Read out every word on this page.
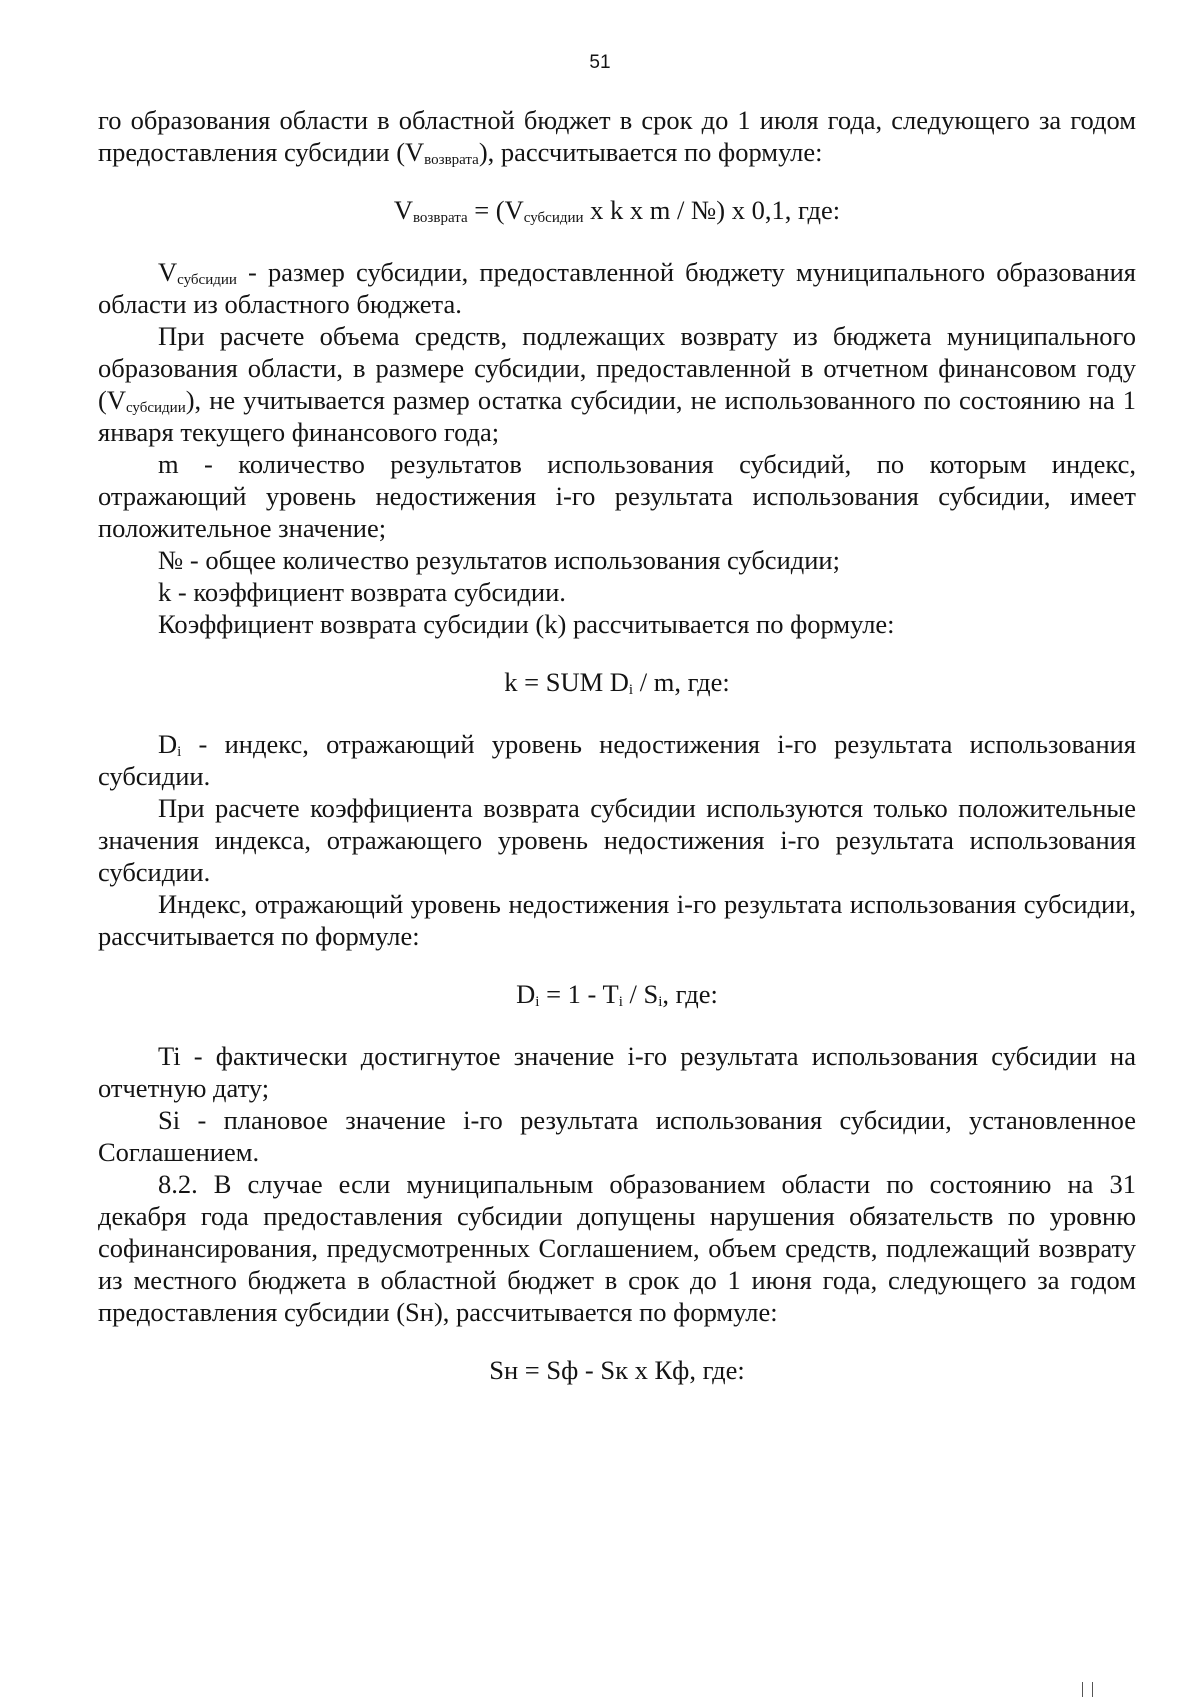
51

го образования области в областной бюджет в срок до 1 июля года, следующего за годом предоставления субсидии $(V_{возврата})$, рассчитывается по формуле:

$V_{возврата} = (V_{субсидии}$ x k x m / №) x 0,1, где:

$V_{субсидии}$ - размер субсидии, предоставленной бюджету муниципального образования области из областного бюджета.

При расчете объема средств, подлежащих возврату из бюджета муниципального образования области, в размере субсидии, предоставленной в отчетном финансовом году $(V_{субсидии})$, не учитывается размер остатка субсидии, не использованного по состоянию на 1 января текущего финансового года;

m - количество результатов использования субсидий, по которым индекс, отражающий уровень недостижения i-го результата использования субсидии, имеет положительное значение;

№ - общее количество результатов использования субсидии;

k - коэффициент возврата субсидии.

Коэффициент возврата субсидии (k) рассчитывается по формуле:

k = SUM $D_i$ / m, где:

$D_i$ - индекс, отражающий уровень недостижения i-го результата использования субсидии.

При расчете коэффициента возврата субсидии используются только положительные значения индекса, отражающего уровень недостижения i-го результата использования субсидии.

Индекс, отражающий уровень недостижения i-го результата использования субсидии, рассчитывается по формуле:

$D_i = 1 - T_i / S_i$, где:

Ti - фактически достигнутое значение i-го результата использования субсидии на отчетную дату;

Si - плановое значение i-го результата использования субсидии, установленное Соглашением.

8.2. В случае если муниципальным образованием области по состоянию на 31 декабря года предоставления субсидии допущены нарушения обязательств по уровню софинансирования, предусмотренных Соглашением, объем средств, подлежащий возврату из местного бюджета в областной бюджет в срок до 1 июня года, следующего за годом предоставления субсидии (Sн), рассчитывается по формуле:

Sн = Sф - Sк x Кф, где:
